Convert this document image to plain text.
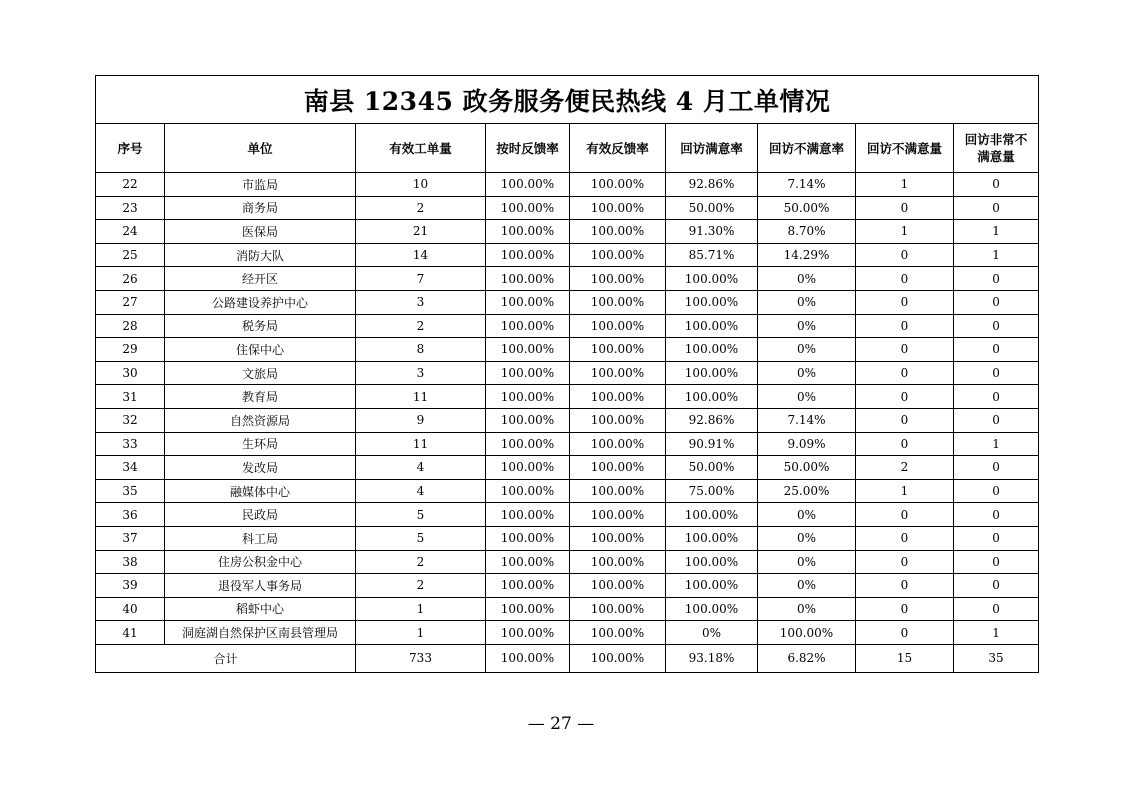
南县 12345 政务服务便民热线 4 月工单情况								
序号	单位	有效工单量	按时反馈率	有效反馈率	回访满意率	回访不满意率	回访不满意量	回访非常不
满意量
22	市监局	10	100.00%	100.00%	92.86%	7.14%	1	0
23	商务局	2	100.00%	100.00%	50.00%	50.00%	0	0
24	医保局	21	100.00%	100.00%	91.30%	8.70%	1	1
25	消防大队	14	100.00%	100.00%	85.71%	14.29%	0	1
26	经开区	7	100.00%	100.00%	100.00%	0%	0	0
27	公路建设养护中心	3	100.00%	100.00%	100.00%	0%	0	0
28	税务局	2	100.00%	100.00%	100.00%	0%	0	0
29	住保中心	8	100.00%	100.00%	100.00%	0%	0	0
30	文旅局	3	100.00%	100.00%	100.00%	0%	0	0
31	教育局	11	100.00%	100.00%	100.00%	0%	0	0
32	自然资源局	9	100.00%	100.00%	92.86%	7.14%	0	0
33	生环局	11	100.00%	100.00%	90.91%	9.09%	0	1
34	发改局	4	100.00%	100.00%	50.00%	50.00%	2	0
35	融媒体中心	4	100.00%	100.00%	75.00%	25.00%	1	0
36	民政局	5	100.00%	100.00%	100.00%	0%	0	0
37	科工局	5	100.00%	100.00%	100.00%	0%	0	0
38	住房公积金中心	2	100.00%	100.00%	100.00%	0%	0	0
39	退役军人事务局	2	100.00%	100.00%	100.00%	0%	0	0
40	稻虾中心	1	100.00%	100.00%	100.00%	0%	0	0
41	洞庭湖自然保护区南县管理局	1	100.00%	100.00%	0%	100.00%	0	1
合计		733	100.00%	100.00%	93.18%	6.82%	15	35
— 27 —
